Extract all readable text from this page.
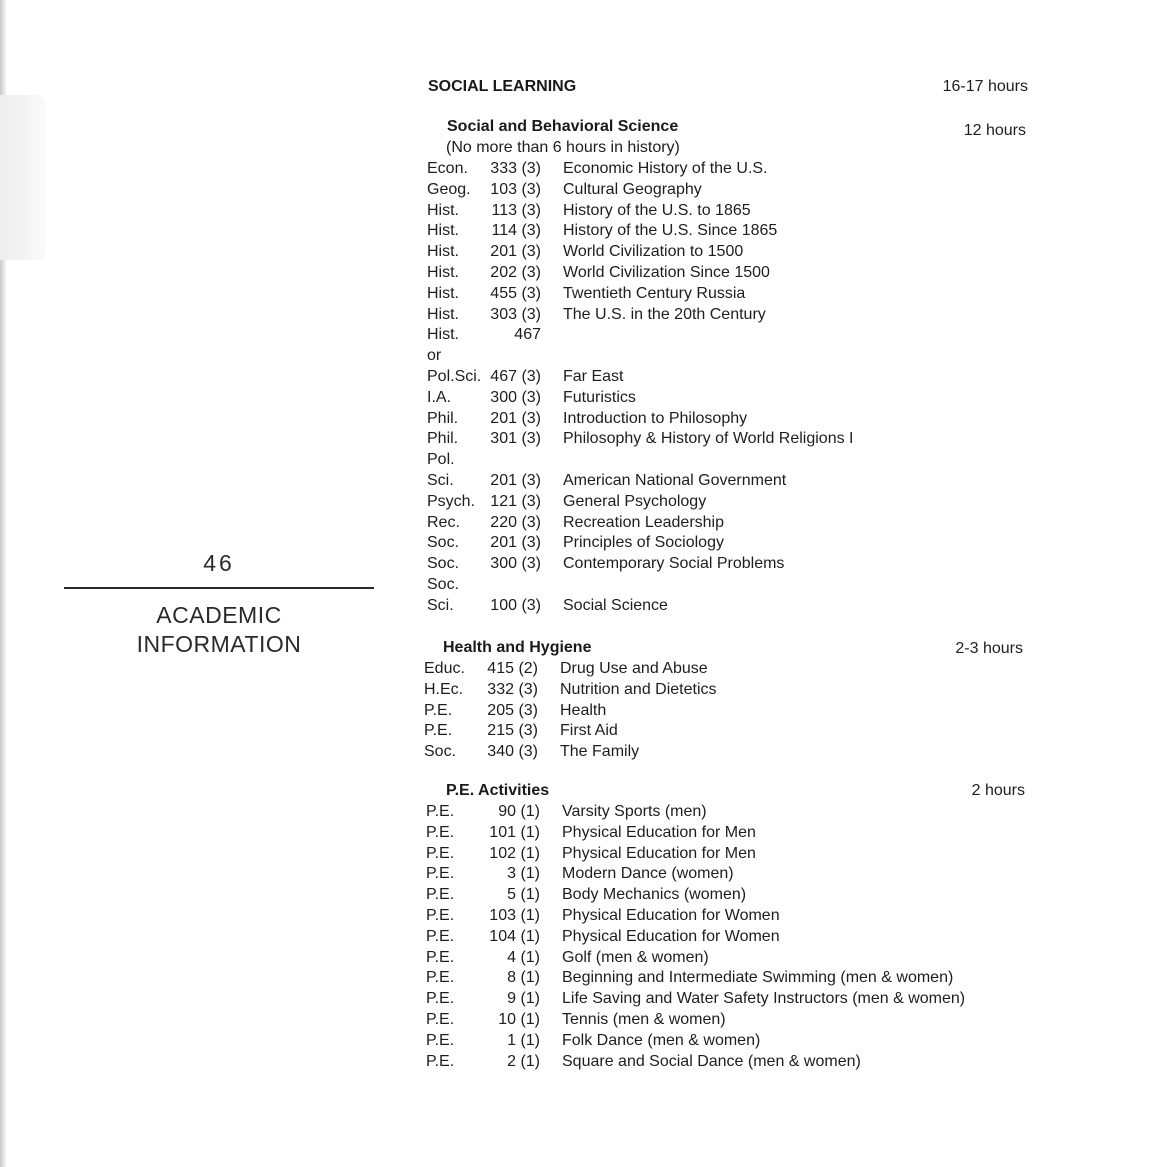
46
ACADEMIC
INFORMATION
SOCIAL LEARNING	16-17 hours
Social and Behavioral Science	12 hours
(No more than 6 hours in history)
Econ.	333 (3) Economic History of the U.S.
Geog.	103 (3) Cultural Geography
Hist.	113 (3) History of the U.S. to 1865
Hist.	114 (3) History of the U.S. Since 1865
Hist.	201 (3) World Civilization to 1500
Hist.	202 (3) World Civilization Since 1500
Hist.	455 (3) Twentieth Century Russia
Hist.	303 (3) The U.S. in the 20th Century
Hist.	467
or
Pol.Sci. 467 (3) Far East
I.A.	300 (3) Futuristics
Phil.	201 (3) Introduction to Philosophy
Phil.	301 (3) Philosophy & History of World Religions I
Pol.
Sci.	201 (3) American National Government
Psych. 121 (3) General Psychology
Rec.	220 (3) Recreation Leadership
Soc.	201 (3) Principles of Sociology
Soc.	300 (3) Contemporary Social Problems
Soc.
Sci.	100 (3) Social Science
Health and Hygiene	2-3 hours
Educ.	415 (2) Drug Use and Abuse
H.Ec.	332 (3) Nutrition and Dietetics
P.E.	205 (3) Health
P.E.	215 (3) First Aid
Soc.	340 (3) The Family
P.E. Activities	2 hours
P.E.	90 (1) Varsity Sports (men)
P.E.	101 (1) Physical Education for Men
P.E.	102 (1) Physical Education for Men
P.E.	3 (1) Modern Dance (women)
P.E.	5 (1) Body Mechanics (women)
P.E.	103 (1) Physical Education for Women
P.E.	104 (1) Physical Education for Women
P.E.	4 (1) Golf (men & women)
P.E.	8 (1) Beginning and Intermediate Swimming (men & women)
P.E.	9 (1) Life Saving and Water Safety Instructors (men & women)
P.E.	10 (1) Tennis (men & women)
P.E.	1 (1) Folk Dance (men & women)
P.E.	2 (1) Square and Social Dance (men & women)
